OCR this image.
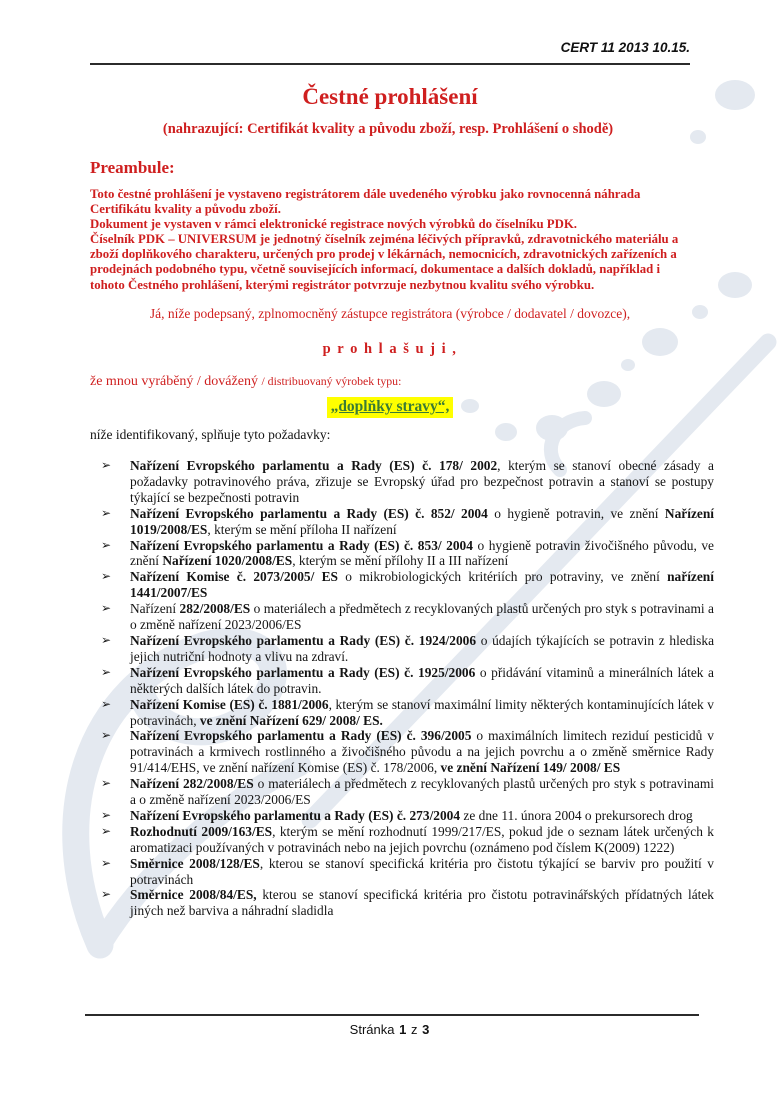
CERT 11 2013 10.15.
Čestné prohlášení
(nahrazující: Certifikát kvality a původu zboží, resp. Prohlášení o shodě)
Preambule:

Toto čestné prohlášení je vystaveno registrátorem dále uvedeného výrobku jako rovnocenná náhrada Certifikátu kvality a původu zboží.

Dokument je vystaven v rámci elektronické registrace nových výrobků do číselníku PDK.

Číselník PDK – UNIVERSUM je jednotný číselník zejména léčivých přípravků, zdravotnického materiálu a zboží doplňkového charakteru, určených pro prodej v lékárnách, nemocnicích, zdravotnických zařízeních a prodejnách podobného typu, včetně souvisejících informací, dokumentace a dalších dokladů, například i tohoto Čestného prohlášení, kterými registrátor potvrzuje nezbytnou kvalitu svého výrobku.

Já, níže podepsaný, zplnomocněný zástupce registrátora (výrobce / dodavatel / dovozce),
p r o h l a š u j i ,
že mnou vyráběný / dovážený / distribuovaný výrobek typu:
„doplňky stravy“,
níže identifikovaný, splňuje tyto požadavky:
➢ Nařízení Evropského parlamentu a Rady (ES) č. 178/ 2002, kterým se stanoví obecné zásady a požadavky potravinového práva, zřizuje se Evropský úřad pro bezpečnost potravin a stanoví se postupy týkající se bezpečnosti potravin
➢ Nařízení Evropského parlamentu a Rady (ES) č. 852/ 2004 o hygieně potravin, ve znění Nařízení 1019/2008/ES, kterým se mění příloha II nařízení
➢ Nařízení Evropského parlamentu a Rady (ES) č. 853/ 2004 o hygieně potravin živočišného původu, ve znění Nařízení 1020/2008/ES, kterým se mění přílohy II a III nařízení
➢ Nařízení Komise č. 2073/2005/ ES o mikrobiologických kritériích pro potraviny, ve znění nařízení 1441/2007/ES
➢ Nařízení 282/2008/ES o materiálech a předmětech z recyklovaných plastů určených pro styk s potravinami a o změně nařízení 2023/2006/ES
➢ Nařízení Evropského parlamentu a Rady (ES) č. 1924/2006 o údajích týkajících se potravin z hlediska jejich nutriční hodnoty a vlivu na zdraví.
➢ Nařízení Evropského parlamentu a Rady (ES) č. 1925/2006 o přidávání vitaminů a minerálních látek a některých dalších látek do potravin.
➢ Nařízení Komise (ES) č. 1881/2006, kterým se stanoví maximální limity některých kontaminujících látek v potravinách, ve znění Nařízení 629/ 2008/ ES.
➢ Nařízení Evropského parlamentu a Rady (ES) č. 396/2005 o maximálních limitech reziduí pesticidů v potravinách a krmivech rostlinného a živočišného původu a na jejich povrchu a o změně směrnice Rady 91/414/EHS, ve znění nařízení Komise (ES) č. 178/2006, ve znění Nařízení 149/ 2008/ ES
➢ Nařízení 282/2008/ES o materiálech a předmětech z recyklovaných plastů určených pro styk s potravinami a o změně nařízení 2023/2006/ES
➢ Nařízení Evropského parlamentu a Rady (ES) č. 273/2004 ze dne 11. února 2004 o prekursorech drog
➢ Rozhodnutí 2009/163/ES, kterým se mění rozhodnutí 1999/217/ES, pokud jde o seznam látek určených k aromatizaci používaných v potravinách nebo na jejich povrchu (oznámeno pod číslem K(2009) 1222)
➢ Směrnice 2008/128/ES, kterou se stanoví specifická kritéria pro čistotu týkající se barviv pro použití v potravinách
➢ Směrnice 2008/84/ES, kterou se stanoví specifická kritéria pro čistotu potravinářských přídatných látek jiných než barviva a náhradní sladidla
Stránka 1 z 3
